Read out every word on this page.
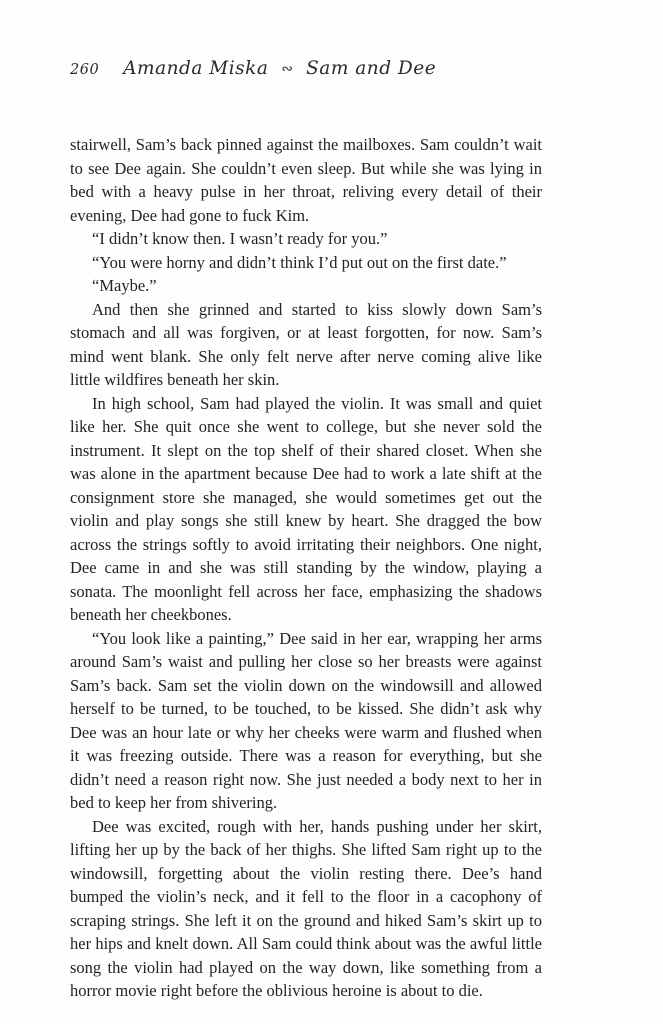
260 Amanda Miska ∾ Sam and Dee

stairwell, Sam’s back pinned against the mailboxes. Sam couldn’t wait to see Dee again. She couldn’t even sleep. But while she was lying in bed with a heavy pulse in her throat, reliving every detail of their evening, Dee had gone to fuck Kim.

“I didn’t know then. I wasn’t ready for you.”

“You were horny and didn’t think I’d put out on the first date.”

“Maybe.”

And then she grinned and started to kiss slowly down Sam’s stomach and all was forgiven, or at least forgotten, for now. Sam’s mind went blank. She only felt nerve after nerve coming alive like little wildfires beneath her skin.

In high school, Sam had played the violin. It was small and quiet like her. She quit once she went to college, but she never sold the instrument. It slept on the top shelf of their shared closet. When she was alone in the apartment because Dee had to work a late shift at the consignment store she managed, she would sometimes get out the violin and play songs she still knew by heart. She dragged the bow across the strings softly to avoid irritating their neighbors. One night, Dee came in and she was still standing by the window, playing a sonata. The moonlight fell across her face, emphasizing the shadows beneath her cheekbones.

“You look like a painting,” Dee said in her ear, wrapping her arms around Sam’s waist and pulling her close so her breasts were against Sam’s back. Sam set the violin down on the windowsill and allowed herself to be turned, to be touched, to be kissed. She didn’t ask why Dee was an hour late or why her cheeks were warm and flushed when it was freezing outside. There was a reason for everything, but she didn’t need a reason right now. She just needed a body next to her in bed to keep her from shivering.

Dee was excited, rough with her, hands pushing under her skirt, lifting her up by the back of her thighs. She lifted Sam right up to the windowsill, forgetting about the violin resting there. Dee’s hand bumped the violin’s neck, and it fell to the floor in a cacophony of scraping strings. She left it on the ground and hiked Sam’s skirt up to her hips and knelt down. All Sam could think about was the awful little song the violin had played on the way down, like something from a horror movie right before the oblivious heroine is about to die.
